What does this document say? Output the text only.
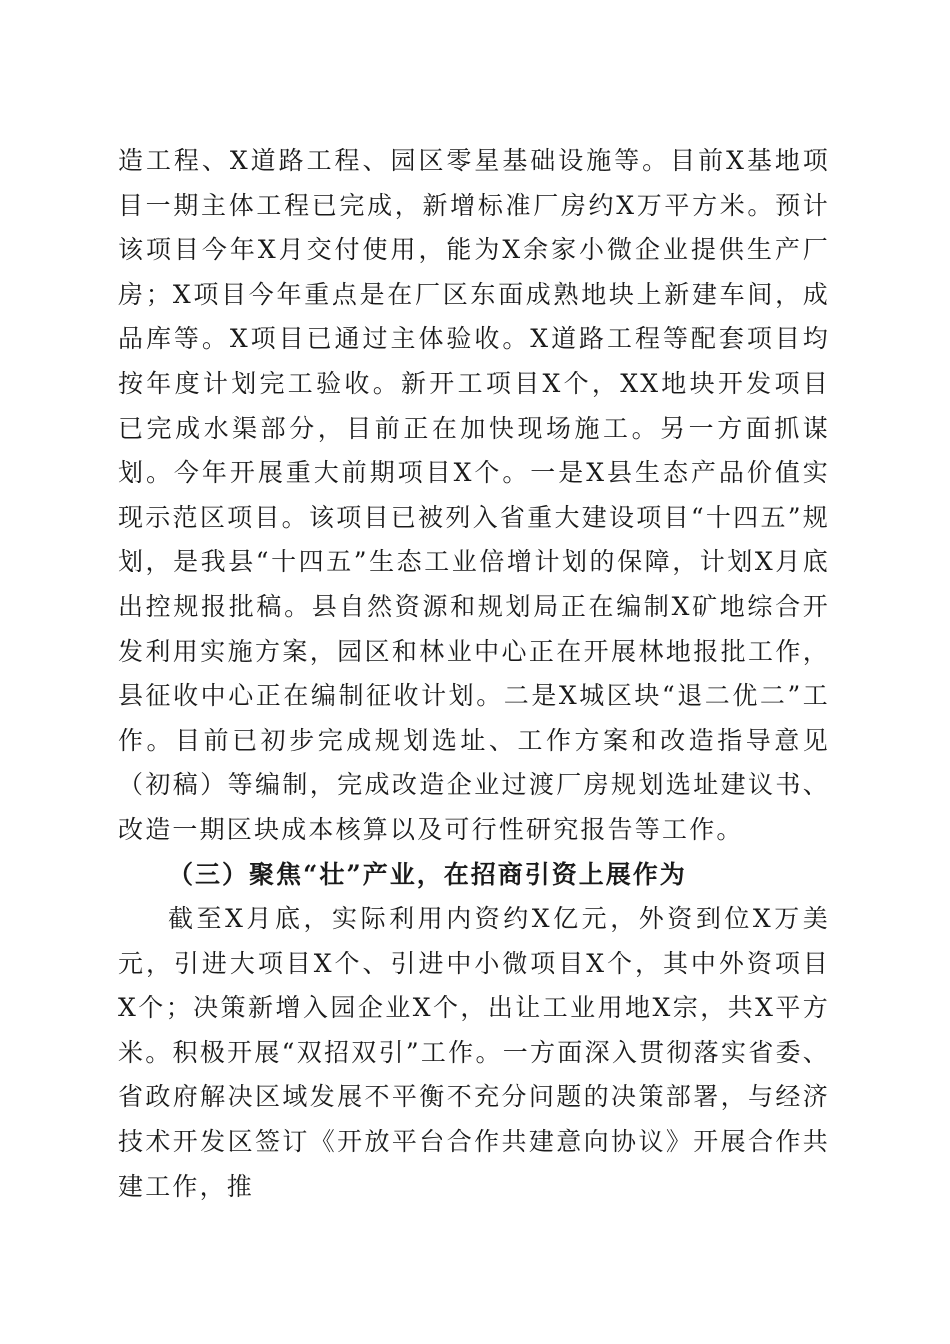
造工程、X道路工程、园区零星基础设施等。目前X基地项目一期主体工程已完成，新增标准厂房约X万平方米。预计该项目今年X月交付使用，能为X余家小微企业提供生产厂房；X项目今年重点是在厂区东面成熟地块上新建车间，成品库等。X项目已通过主体验收。X道路工程等配套项目均按年度计划完工验收。新开工项目X个，XX地块开发项目已完成水渠部分，目前正在加快现场施工。另一方面抓谋划。今年开展重大前期项目X个。一是X县生态产品价值实现示范区项目。该项目已被列入省重大建设项目“十四五”规划，是我县“十四五”生态工业倍增计划的保障，计划X月底出控规报批稿。县自然资源和规划局正在编制X矿地综合开发利用实施方案，园区和林业中心正在开展林地报批工作，县征收中心正在编制征收计划。二是X城区块“退二优二”工作。目前已初步完成规划选址、工作方案和改造指导意见（初稿）等编制，完成改造企业过渡厂房规划选址建议书、改造一期区块成本核算以及可行性研究报告等工作。

（三）聚焦“壮”产业，在招商引资上展作为

截至X月底，实际利用内资约X亿元，外资到位X万美元，引进大项目X个、引进中小微项目X个，其中外资项目X个；决策新增入园企业X个，出让工业用地X宗，共X平方米。积极开展“双招双引”工作。一方面深入贯彻落实省委、省政府解决区域发展不平衡不充分问题的决策部署，与经济技术开发区签订《开放平台合作共建意向协议》开展合作共建工作，推
